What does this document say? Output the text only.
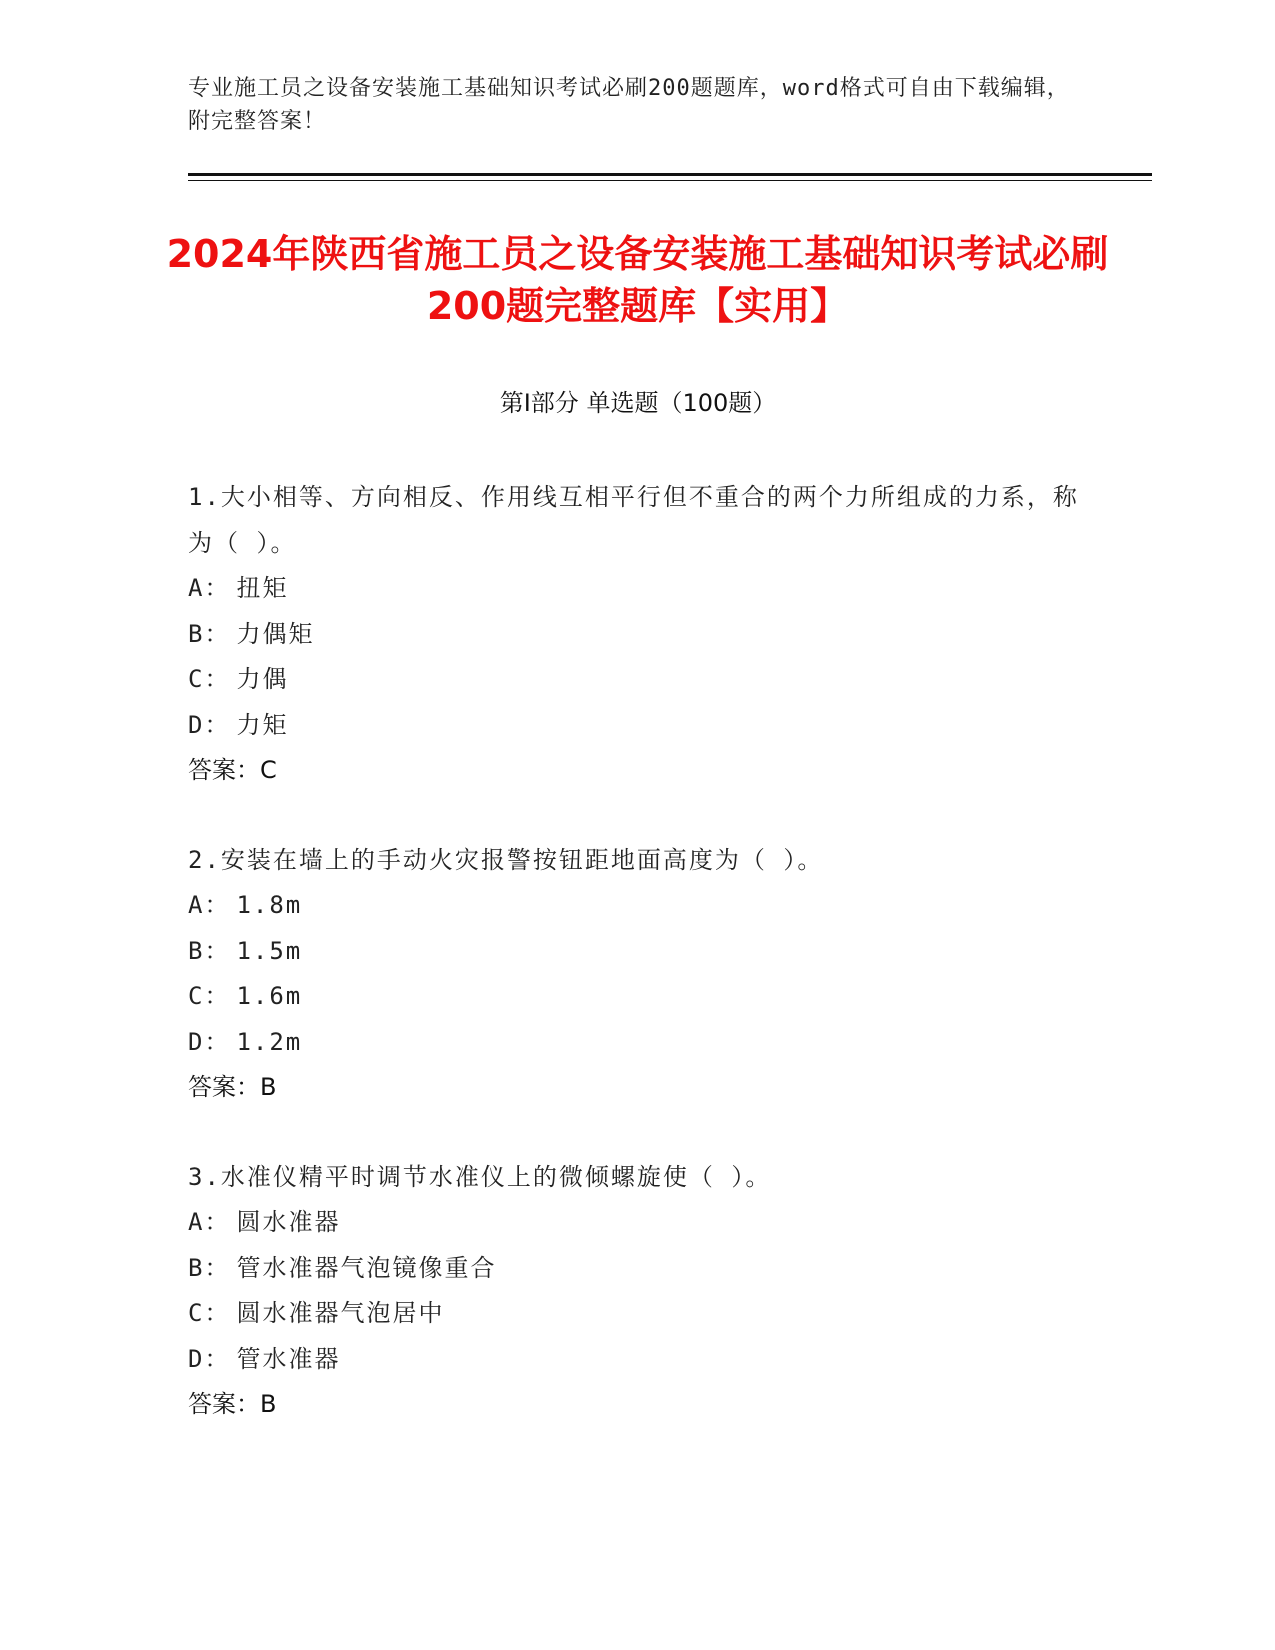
专业施工员之设备安装施工基础知识考试必刷200题题库，word格式可自由下载编辑，附完整答案！
2024年陕西省施工员之设备安装施工基础知识考试必刷200题完整题库【实用】
第Ⅰ部分 单选题（100题）
1.大小相等、方向相反、作用线互相平行但不重合的两个力所组成的力系，称为（ ）。
A： 扭矩
B： 力偶矩
C： 力偶
D： 力矩
答案：C
2.安装在墙上的手动火灾报警按钮距地面高度为（ ）。
A： 1.8m
B： 1.5m
C： 1.6m
D： 1.2m
答案：B
3.水准仪精平时调节水准仪上的微倾螺旋使（ ）。
A： 圆水准器
B： 管水准器气泡镜像重合
C： 圆水准器气泡居中
D： 管水准器
答案：B
